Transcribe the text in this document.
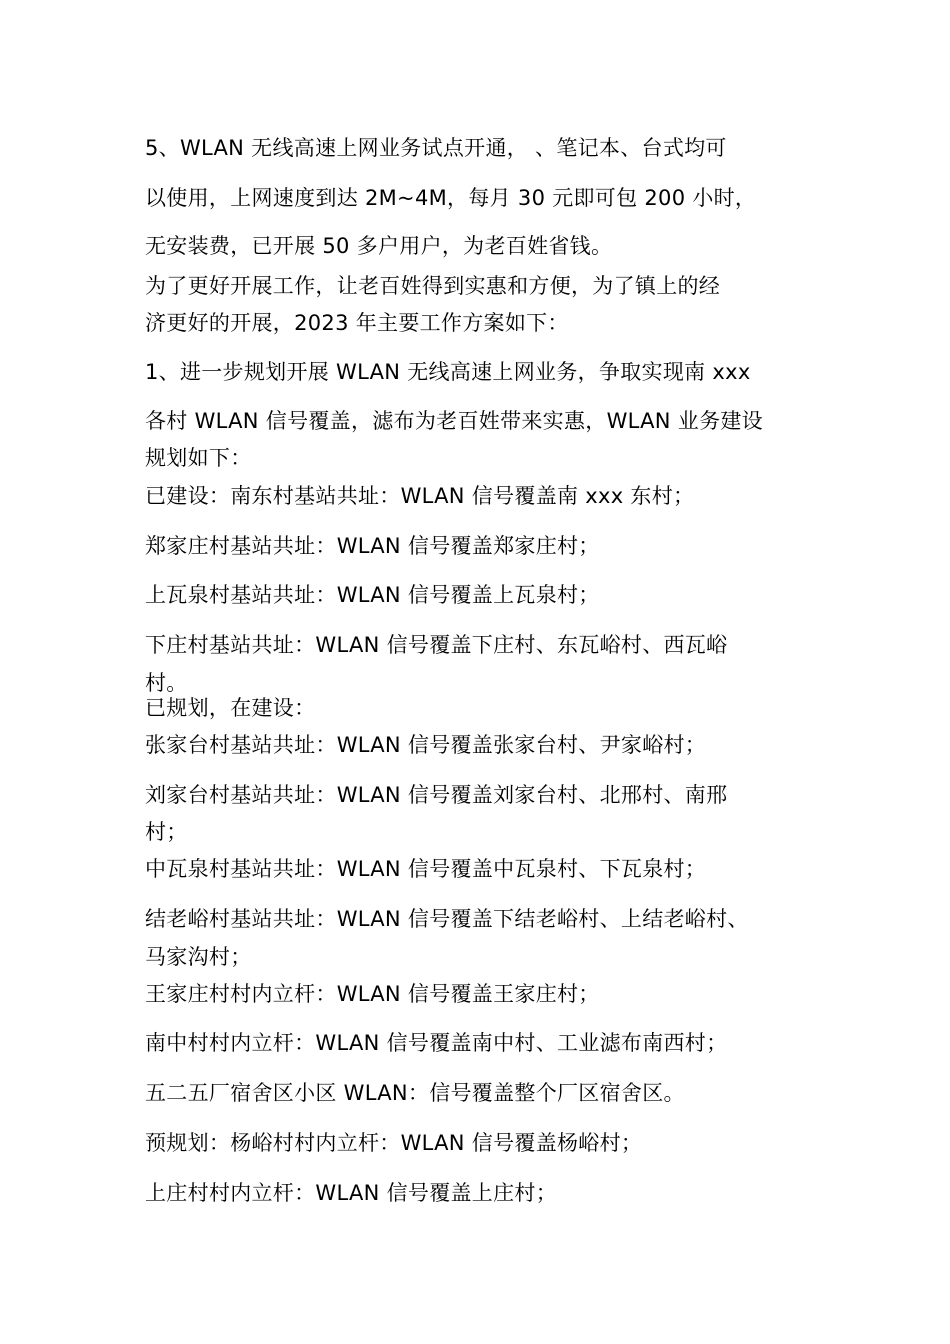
5、WLAN 无线高速上网业务试点开通， 、笔记本、台式均可
以使用，上网速度到达 2M~4M，每月 30 元即可包 200 小时，
无安装费，已开展 50 多户用户，为老百姓省钱。
为了更好开展工作，让老百姓得到实惠和方便，为了镇上的经
济更好的开展，2023 年主要工作方案如下：
1、进一步规划开展 WLAN 无线高速上网业务，争取实现南 xxx
各村 WLAN 信号覆盖，滤布为老百姓带来实惠，WLAN 业务建设
规划如下：
已建设：南东村基站共址：WLAN 信号覆盖南 xxx 东村；
郑家庄村基站共址：WLAN 信号覆盖郑家庄村；
上瓦泉村基站共址：WLAN 信号覆盖上瓦泉村；
下庄村基站共址：WLAN 信号覆盖下庄村、东瓦峪村、西瓦峪
村。
已规划，在建设：
张家台村基站共址：WLAN 信号覆盖张家台村、尹家峪村；
刘家台村基站共址：WLAN 信号覆盖刘家台村、北邢村、南邢
村；
中瓦泉村基站共址：WLAN 信号覆盖中瓦泉村、下瓦泉村；
结老峪村基站共址：WLAN 信号覆盖下结老峪村、上结老峪村、
马家沟村；
王家庄村村内立杆：WLAN 信号覆盖王家庄村；
南中村村内立杆：WLAN 信号覆盖南中村、工业滤布南西村；
五二五厂宿舍区小区 WLAN：信号覆盖整个厂区宿舍区。
预规划：杨峪村村内立杆：WLAN 信号覆盖杨峪村；
上庄村村内立杆：WLAN 信号覆盖上庄村；
